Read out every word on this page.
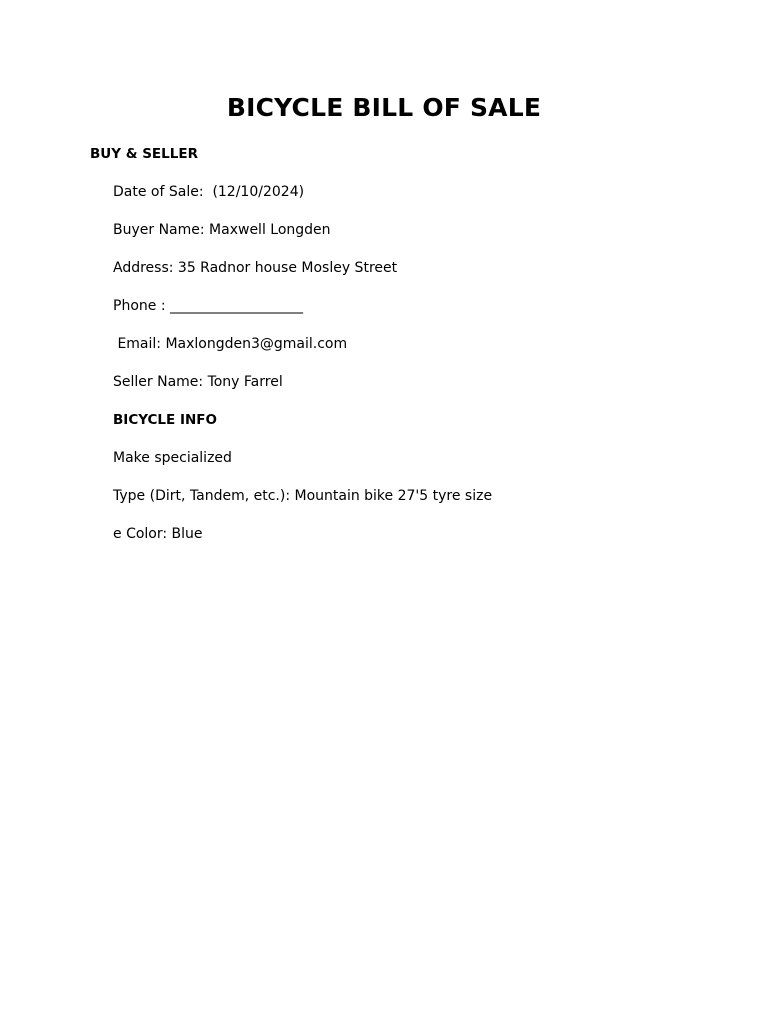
BICYCLE BILL OF SALE
BUY & SELLER
Date of Sale:  (12/10/2024)
Buyer Name: Maxwell Longden
Address: 35 Radnor house Mosley Street
Phone : ___________________
Email: Maxlongden3@gmail.com
Seller Name: Tony Farrel
BICYCLE INFO
Make specialized
Type (Dirt, Tandem, etc.): Mountain bike 27'5 tyre size
e Color: Blue
